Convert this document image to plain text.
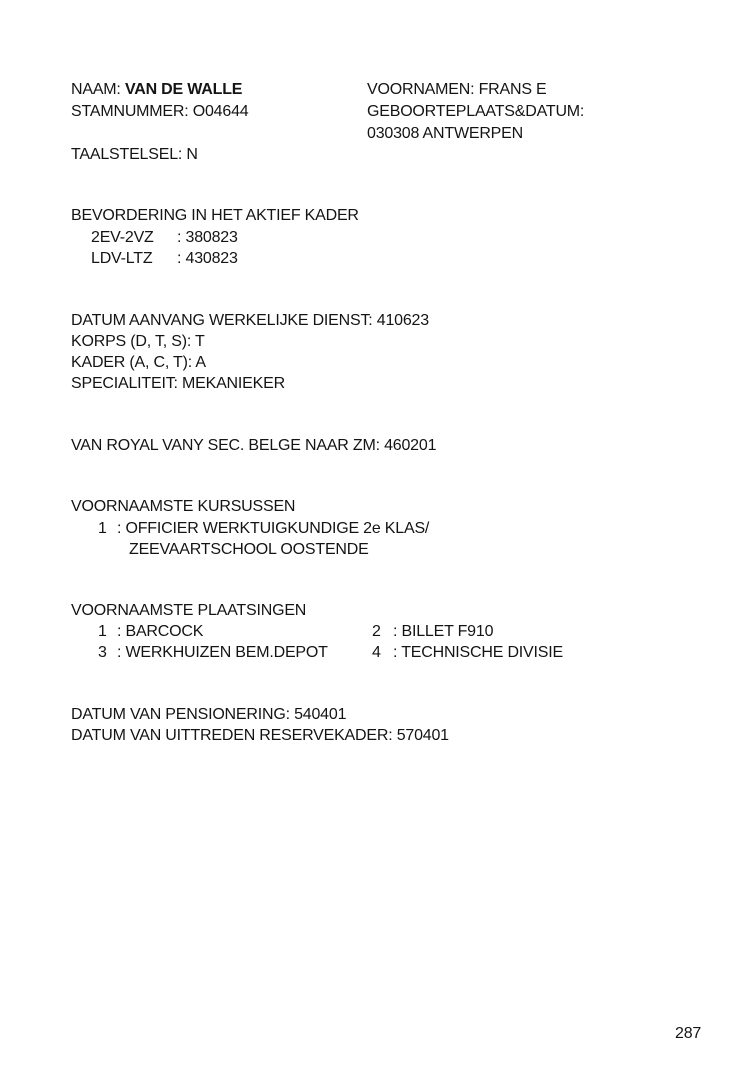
NAAM: VAN DE WALLE
STAMNUMMER: O04644
VOORNAMEN: FRANS E
GEBOORTEPLAATS&DATUM:
030308 ANTWERPEN
TAALSTELSEL: N
BEVORDERING IN HET AKTIEF KADER
2EV-2VZ : 380823
LDV-LTZ : 430823
DATUM AANVANG WERKELIJKE DIENST: 410623
KORPS (D, T, S): T
KADER (A, C, T): A
SPECIALITEIT: MEKANIEKER
VAN ROYAL VANY SEC. BELGE NAAR ZM: 460201
VOORNAAMSTE KURSUSSEN
1 : OFFICIER WERKTUIGKUNDIGE 2e KLAS/
ZEEVAARTSCHOOL OOSTENDE
VOORNAAMSTE PLAATSINGEN
1 : BARCOCK	2 : BILLET F910
3 : WERKHUIZEN BEM.DEPOT	4 : TECHNISCHE DIVISIE
DATUM VAN PENSIONERING: 540401
DATUM VAN UITTREDEN RESERVEKADER: 570401
287
